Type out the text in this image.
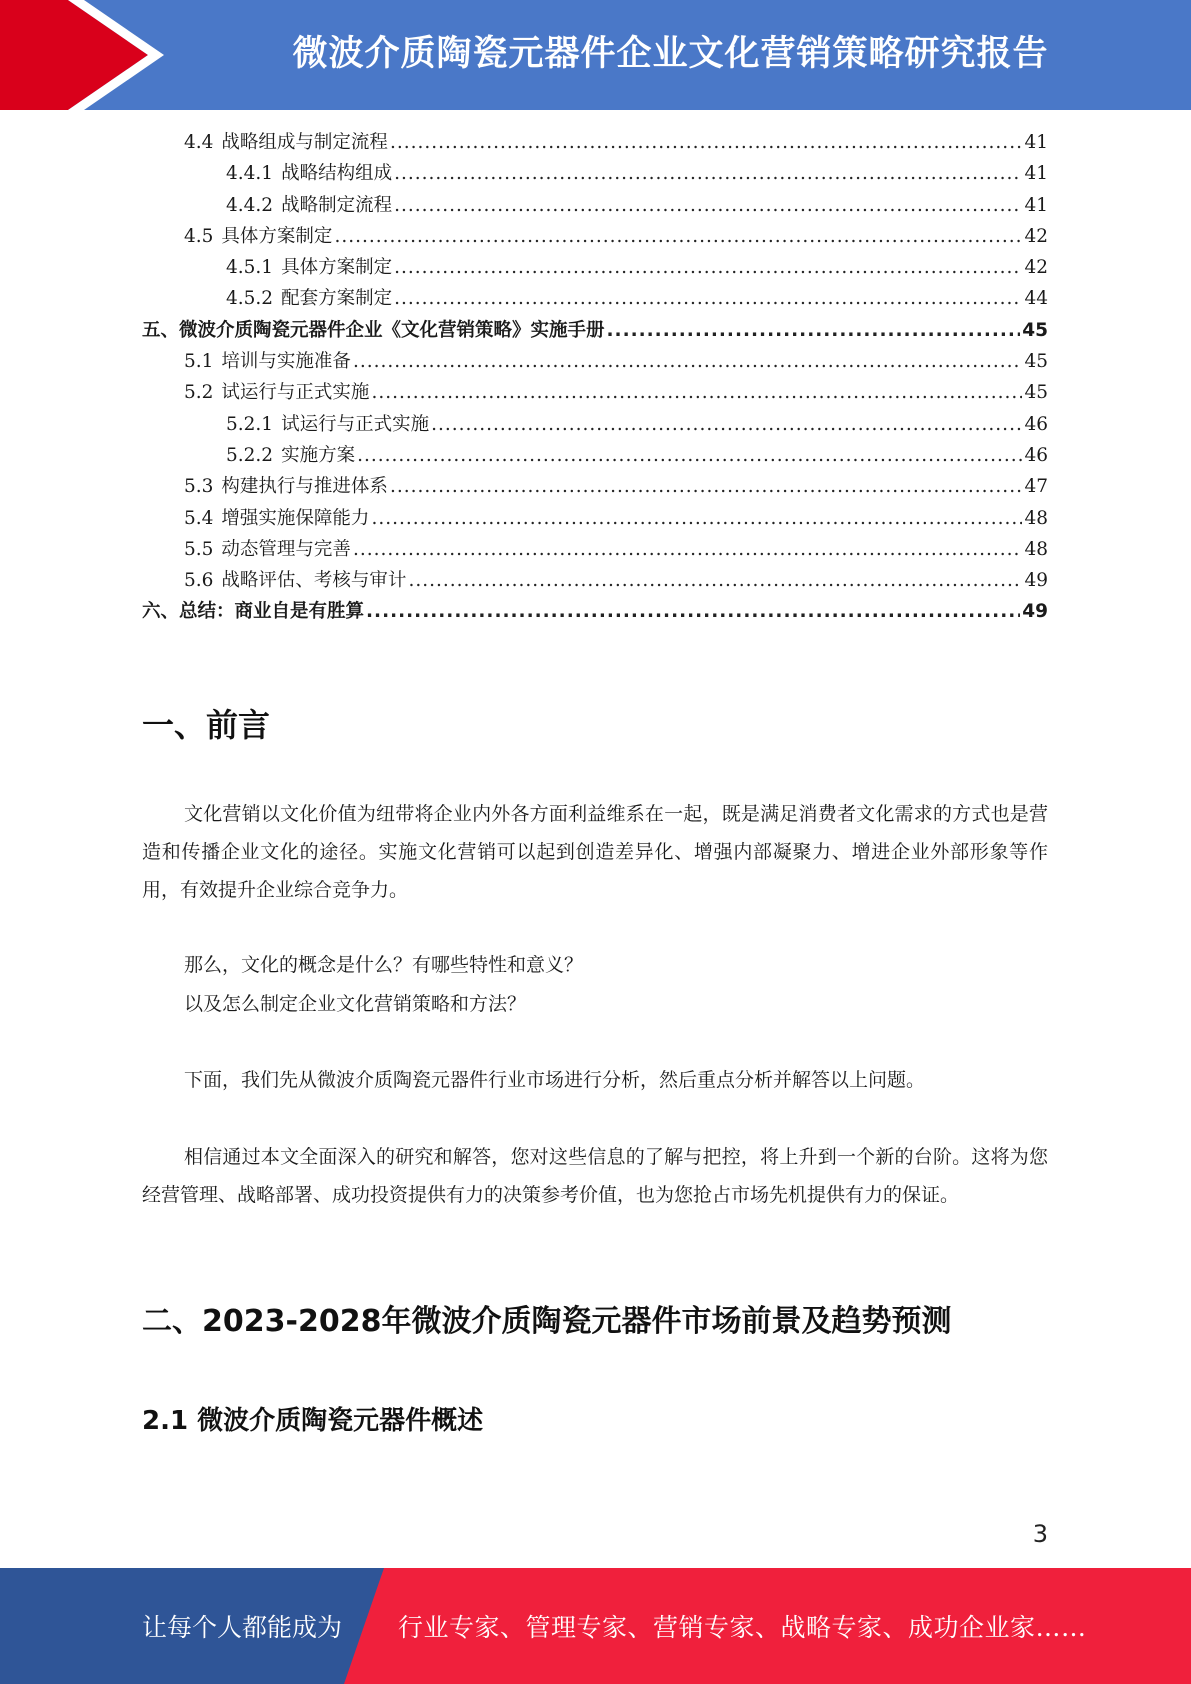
微波介质陶瓷元器件企业文化营销策略研究报告
4.4 战略组成与制定流程 .....	41
4.4.1 战略结构组成 .....	41
4.4.2 战略制定流程 .....	41
4.5 具体方案制定 .....	42
4.5.1 具体方案制定 .....	42
4.5.2 配套方案制定 .....	44
五、微波介质陶瓷元器件企业《文化营销策略》实施手册 .....	45
5.1 培训与实施准备 .....	45
5.2 试运行与正式实施 .....	45
5.2.1 试运行与正式实施 .....	46
5.2.2 实施方案 .....	46
5.3 构建执行与推进体系 .....	47
5.4 增强实施保障能力 .....	48
5.5 动态管理与完善 .....	48
5.6 战略评估、考核与审计 .....	49
六、总结：商业自是有胜算 .....	49
一、前言

文化营销以文化价值为纽带将企业内外各方面利益维系在一起，既是满足消费者文化需求的方式也是营造和传播企业文化的途径。实施文化营销可以起到创造差异化、增强内部凝聚力、增进企业外部形象等作用，有效提升企业综合竞争力。

那么，文化的概念是什么？有哪些特性和意义？

以及怎么制定企业文化营销策略和方法？

下面，我们先从微波介质陶瓷元器件行业市场进行分析，然后重点分析并解答以上问题。

相信通过本文全面深入的研究和解答，您对这些信息的了解与把控，将上升到一个新的台阶。这将为您经营管理、战略部署、成功投资提供有力的决策参考价值，也为您抢占市场先机提供有力的保证。

二、2023-2028年微波介质陶瓷元器件市场前景及趋势预测
2.1 微波介质陶瓷元器件概述
3
让每个人都能成为 行业专家、管理专家、营销专家、战略专家、成功企业家……
